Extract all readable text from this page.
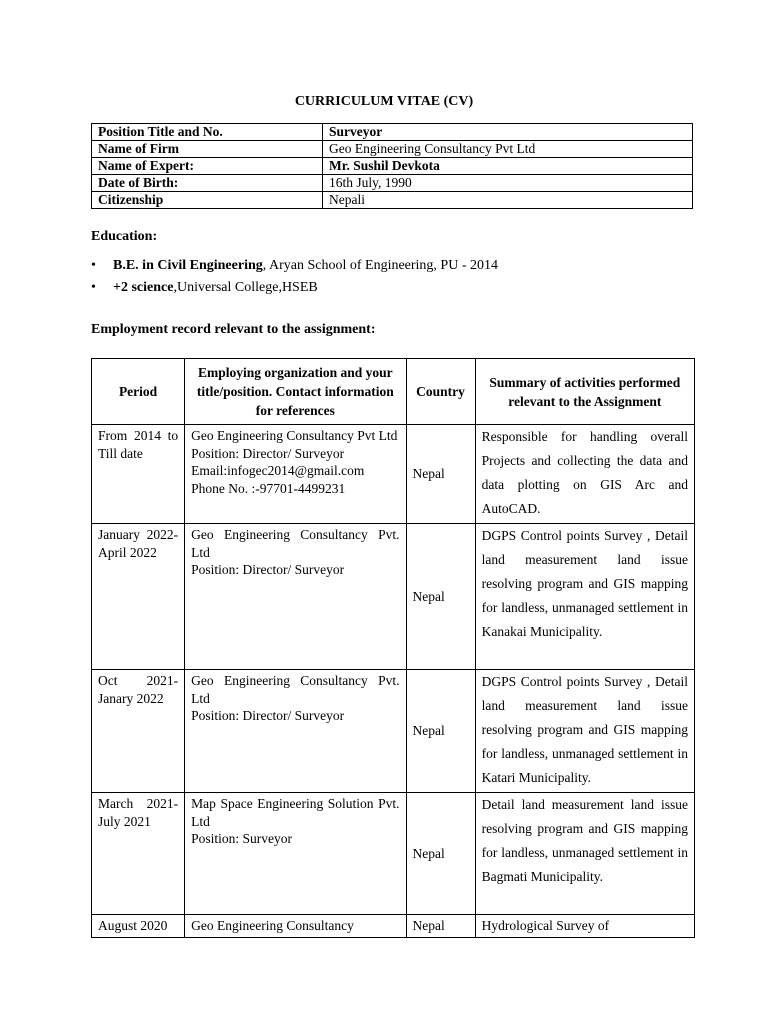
CURRICULUM VITAE (CV)
Position Title and No.	Surveyor
Name of Firm	Geo Engineering Consultancy Pvt Ltd
Name of Expert:	Mr. Sushil Devkota
Date of Birth:	16th July, 1990
Citizenship	Nepali
Education:
• B.E. in Civil Engineering, Aryan School of Engineering, PU - 2014
• +2 science,Universal College,HSEB
Employment record relevant to the assignment:
Period	Employing organization and your title/position. Contact information for references	Country	Summary of activities performed relevant to the Assignment
From 2014 to Till date	Geo Engineering Consultancy Pvt Ltd
Position: Director/ Surveyor
Email:infogec2014@gmail.com
Phone No. :-97701-4499231	Nepal	Responsible for handling overall Projects and collecting the data and data plotting on GIS Arc and AutoCAD.
January 2022- April 2022	Geo Engineering Consultancy Pvt. Ltd
Position: Director/ Surveyor	Nepal	DGPS Control points Survey , Detail land measurement land issue resolving program and GIS mapping for landless, unmanaged settlement in Kanakai Municipality.
Oct 2021- Janary 2022	Geo Engineering Consultancy Pvt. Ltd
Position: Director/ Surveyor	Nepal	DGPS Control points Survey , Detail land measurement land issue resolving program and GIS mapping for landless, unmanaged settlement in Katari Municipality.
March 2021- July 2021	Map Space Engineering Solution Pvt. Ltd
Position: Surveyor	Nepal	Detail land measurement land issue resolving program and GIS mapping for landless, unmanaged settlement in Bagmati Municipality.
August 2020	Geo Engineering Consultancy	Nepal	Hydrological Survey of
